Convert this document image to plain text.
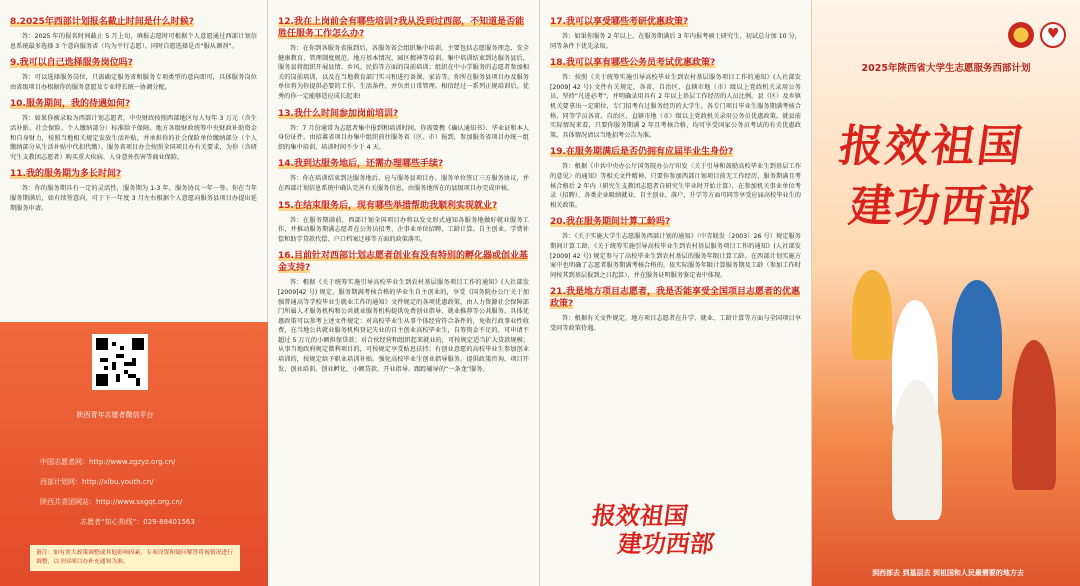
8.2025年西部计划报名截止时间是什么时候?

答：2025 年的报名时间截止 5 月上旬，填报志愿时可根据个人意愿通过西部计划信息系统最多选择 3 个意向服务省（均为平行志愿）。同时自愿选择是否“服从调剂”。

9.我可以自己选择服务岗位吗?

答：可以选择服务岗位，只需确定服务省和服务专项类型的意向即可，具体服务岗位由省级项目办根据你的服务意愿及专业特长统一协调分配。

10.服务期间，我的待遇如何?

答：如果你被录取为西部计划志愿者，中央财政按照西部地区每人每年 3 万元（含生活补贴、社会保险、个人缴纳部分）标准给予保障。地方各级财政统筹中央财政补助资金和自身财力，按照当地相关规定发放生活补贴，并承担你的社会保险单位缴纳部分（个人缴纳部分从生活补贴中代扣代缴）。服务省项目办会按照全国项目办有关要求，为你（含研究生支教团志愿者）购买重大疾病、人身意外伤害等商业保险。

11.我的服务期为多长时间?

答：你的服务期具有一定的灵活性，服务期为 1-3 年，服务协议一年一签。你在当年服务期满后，如有续签意向，可于下一年度 3 月左右根据个人意愿向服务县项目办提出延期服务申请。

陕西青年志愿者微信平台
中国志愿者网：http://www.zgzyz.org.cn/
西部计划网：http://xibu.youth.cn/
陕西共青团网站：http://www.sxgqt.org.cn/
志愿者“知心热线”：029-88401563
备注：如有重大政策调整或其他影响因素，专项设置和疑问解答将视情况进行调整，以全国项目办补充通知为准。
12.我在上岗前会有哪些培训?我从没到过西部，不知道是否能胜任服务工作怎么办?

答：在你到各服务省报到后，各服务省会组织集中培训，主要包括志愿服务理念、安全健康教育、管理制度规范、地方基本情况、园区精神等培训。集中培训结束到达服务县后，服务县将组织开展县情、乡风、民俗等方面的岗前培训；组织在中小学服务的志愿者参加相关的岗前培训，以及在当地教育部门实习和进行备课、家访等。你所在服务县项目办及服务单位将为你提供必要的工作、生活条件，并负责日常管理。相信经过一系列正规培训后，优秀的你一定能够适应成长起来!

13.我什么时间参加岗前培训?

答：7 月份通常为志愿者集中报到和培训时间。你需要携《确认通知书》、毕业证和本人身份证件，由招募省项目办集中组织前往服务省（区、市）报到，参加服务省项目办统一组织的集中培训，培训时间不少于 4 天。

14.我到达服务地后，还需办理哪些手续?

答：你在培训结束到达服务地后，应与服务县项目办、服务单位签订三方服务协议，并在西部计划信息系统中确认完善有关服务信息，由服务地所在的县级项目办完成审核。

15.在结束服务后，现有哪些举措帮助我顺利实现就业?

答：在服务期满前，西部计划全国项目办将以发文形式通知各服务地做好就业服务工作，并推动服务期满志愿者在公务员招考、企事业单位招聘、工龄计算、自主创业、学费补偿和助学贷款代偿、户口档案迁移等方面的政策落实。

16.目前针对西部计划志愿者创业有没有特别的孵化器或创业基金支持?

答：根据《关于统筹实施引导高校毕业生到农村基层服务项目工作的通知》(人社部发 [2009]42 号) 规定，服务期满考核合格的毕业生自主创业的，享受《国务院办公厅关于加强普通高等学校毕业生就业工作的通知》文件规定的各项优惠政策，由人力资源社会保障部门所属人才服务机构和公共就业服务机构提供免费创业指导、就业推荐等公共服务。具体优惠政策可以参考上述文件规定：对高校毕业生从事个体经营符合条件的，免收行政事业性收费，在当地公共就业服务机构登记失业的自主创业高校毕业生，自筹资金不足的，可申请不超过 5 万元的小额担保贷款；对合伙经营和组织起来就业的，可按规定适当扩大贷款规模；从事当地政府规定微利项目的，可按规定享受贴息扶持；有创业意愿的高校毕业生参加创业培训的，按规定给予职业培训补贴。强化高校毕业生创业指导服务，提供政策咨询、项目开发、创业培训、创业孵化、小额贷款、开业指导、跟踪辅导的“一条龙”服务。

17.我可以享受哪些考研优惠政策?

答：如果你服务 2 年以上，在服务期满后 3 年内报考硕士研究生，初试总分加 10 分，同等条件下优先录取。

18.我可以享有哪些公务员考试优惠政策?

答：按照《关于统筹实施引导高校毕业生到农村基层服务项目工作的通知》(人社部发 [2009] 42 号) 文件有关规定，各省、自治区、直辖市地（市）级以上党政机关录用公务员，坚持“凡进必考”，并明确录用具有 2 年以上基层工作经历的人员比例。县（区）及乡镇机关要拿出一定职位，专门招考有过服务经历的大学生。各专门项目毕业生服务期满考核合格，同等学员各省、自治区、直辖市地（市）级以上党政机关录用公务员优惠政策。就县前实际情况来看，只要你服务期满 2 年且考核合格，均可享受国家公务员考试的有关优惠政策，具体情况请以当地招考公告为准。

19.在服务期满后是否仍拥有应届毕业生身份?

答：根据《中共中央办公厅国务院办公厅印发〈关于引导和鼓励高校毕业生到基层工作的意见〉的通知》等相关文件精神，只要你参加西部计划项目前无工作经历，服务期满且考核合格后 2 年内（研究生支教团志愿者自研究生毕业时开始计算），在参加机关事业单位考录（招聘）、各类企业吸纳就业、自主创业、落户、升学等方面可同等享受应届高校毕业生的相关政策。

20.我在服务期间计算工龄吗?

答：《关于实施大学生志愿服务西部计划的通知》（中青联发〔2003〕26 号）规定服务期间计算工龄，《关于统筹实施引导高校毕业生到农村基层服务项目工作的通知》(人社部发 [2009] 42 号) 规定参与了高校毕业生到农村基层的服务年限计算工龄。在西部计划实施方案中也明确了志愿者服务期满考核合格的，依实际服务年限计算服务期及工龄（参加工作时间按其到基层报到之日起算），并在服务证明服务鉴定表中体现。

21.我是地方项目志愿者，我是否能享受全国项目志愿者的优惠政策?

答：根据有关文件规定，地方项目志愿者在升学、就业、工龄计算等方面与全国项目享受同等政策待遇。

报效祖国
建功西部
2025年陕西省大学生志愿服务西部计划
报效祖国
建功西部
♥
到西部去 到基层去 到祖国和人民最需要的地方去
